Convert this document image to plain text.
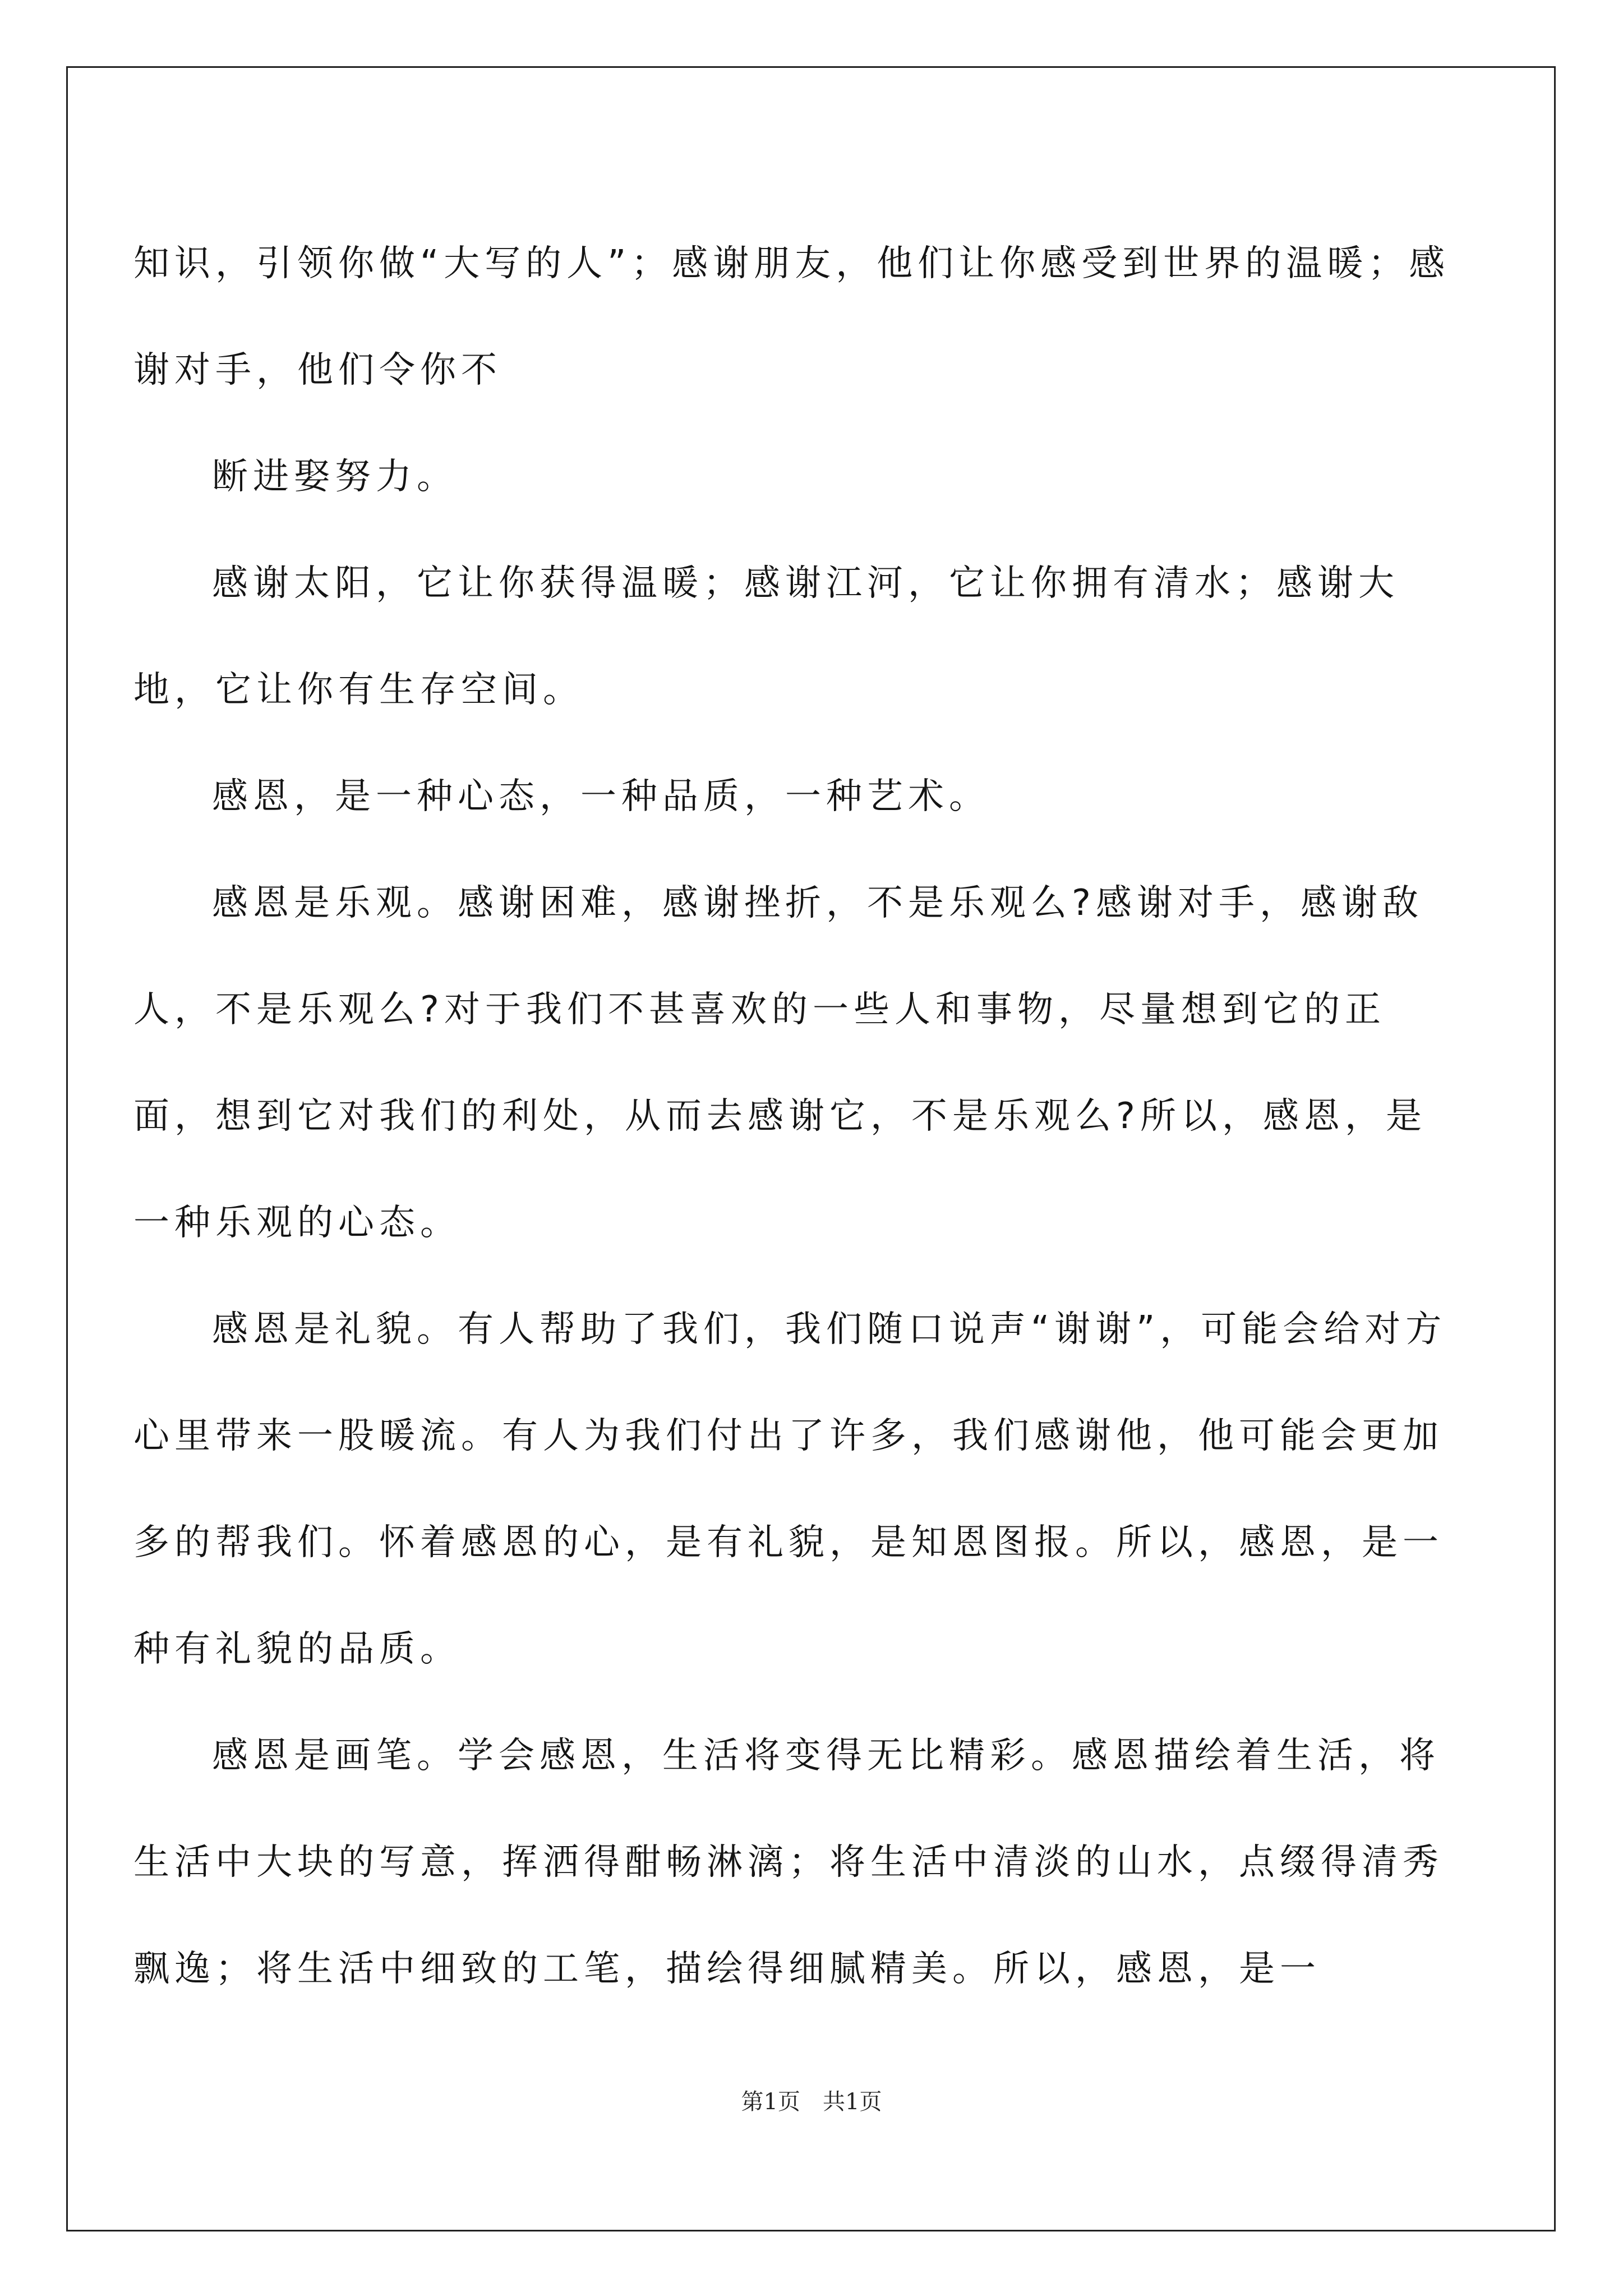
知识，引领你做“大写的人”；感谢朋友，他们让你感受到世界的温暖；感谢对手，他们令你不

断进娶努力。

感谢太阳，它让你获得温暖；感谢江河，它让你拥有清水；感谢大地，它让你有生存空间。

感恩，是一种心态，一种品质，一种艺术。

感恩是乐观。感谢困难，感谢挫折，不是乐观么?感谢对手，感谢敌人，不是乐观么?对于我们不甚喜欢的一些人和事物，尽量想到它的正面，想到它对我们的利处，从而去感谢它，不是乐观么?所以，感恩，是一种乐观的心态。

感恩是礼貌。有人帮助了我们，我们随口说声“谢谢”，可能会给对方心里带来一股暖流。有人为我们付出了许多，我们感谢他，他可能会更加多的帮我们。怀着感恩的心，是有礼貌，是知恩图报。所以，感恩，是一种有礼貌的品质。

感恩是画笔。学会感恩，生活将变得无比精彩。感恩描绘着生活，将生活中大块的写意，挥洒得酣畅淋漓；将生活中清淡的山水，点缀得清秀飘逸；将生活中细致的工笔，描绘得细腻精美。所以，感恩，是一

第1页　共1页
